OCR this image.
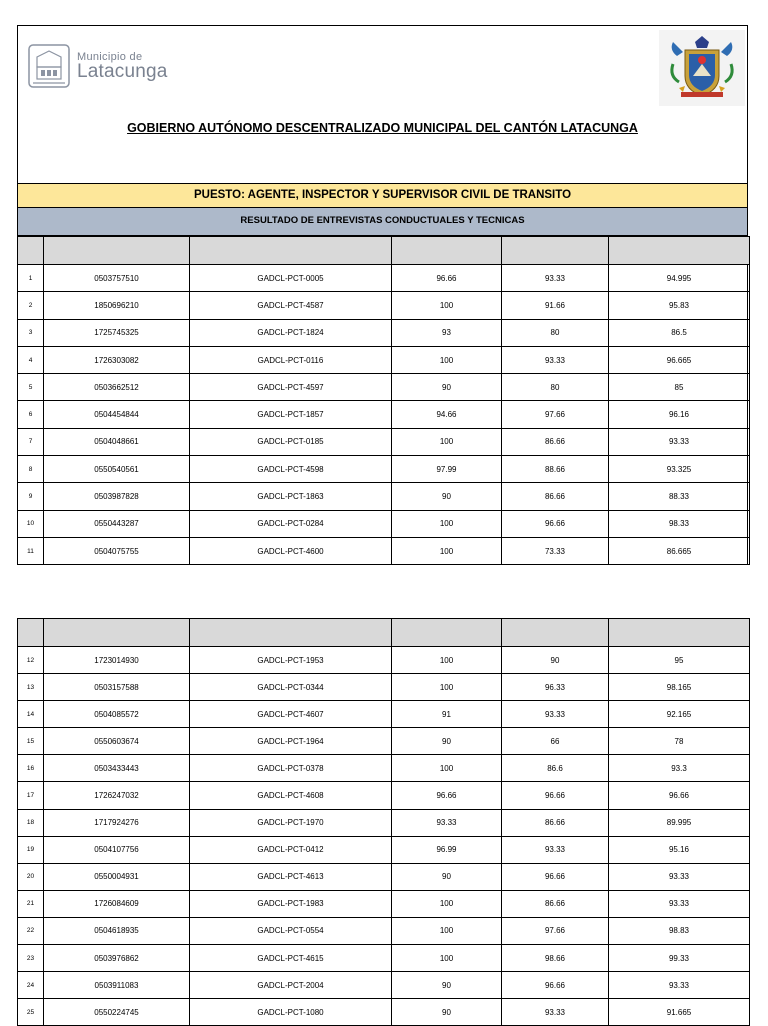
Municipio de
Latacunga
GOBIERNO AUTÓNOMO DESCENTRALIZADO MUNICIPAL DEL CANTÓN LATACUNGA
PUESTO: AGENTE, INSPECTOR Y SUPERVISOR CIVIL DE TRANSITO
RESULTADO DE ENTREVISTAS CONDUCTUALES Y TECNICAS

1	0503757510	GADCL-PCT-0005	96.66	93.33	94.995
2	1850696210	GADCL-PCT-4587	100	91.66	95.83
3	1725745325	GADCL-PCT-1824	93	80	86.5
4	1726303082	GADCL-PCT-0116	100	93.33	96.665
5	0503662512	GADCL-PCT-4597	90	80	85
6	0504454844	GADCL-PCT-1857	94.66	97.66	96.16
7	0504048661	GADCL-PCT-0185	100	86.66	93.33
8	0550540561	GADCL-PCT-4598	97.99	88.66	93.325
9	0503987828	GADCL-PCT-1863	90	86.66	88.33
10	0550443287	GADCL-PCT-0284	100	96.66	98.33
11	0504075755	GADCL-PCT-4600	100	73.33	86.665

12	1723014930	GADCL-PCT-1953	100	90	95
13	0503157588	GADCL-PCT-0344	100	96.33	98.165
14	0504085572	GADCL-PCT-4607	91	93.33	92.165
15	0550603674	GADCL-PCT-1964	90	66	78
16	0503433443	GADCL-PCT-0378	100	86.6	93.3
17	1726247032	GADCL-PCT-4608	96.66	96.66	96.66
18	1717924276	GADCL-PCT-1970	93.33	86.66	89.995
19	0504107756	GADCL-PCT-0412	96.99	93.33	95.16
20	0550004931	GADCL-PCT-4613	90	96.66	93.33
21	1726084609	GADCL-PCT-1983	100	86.66	93.33
22	0504618935	GADCL-PCT-0554	100	97.66	98.83
23	0503976862	GADCL-PCT-4615	100	98.66	99.33
24	0503911083	GADCL-PCT-2004	90	96.66	93.33
25	0550224745	GADCL-PCT-1080	90	93.33	91.665
